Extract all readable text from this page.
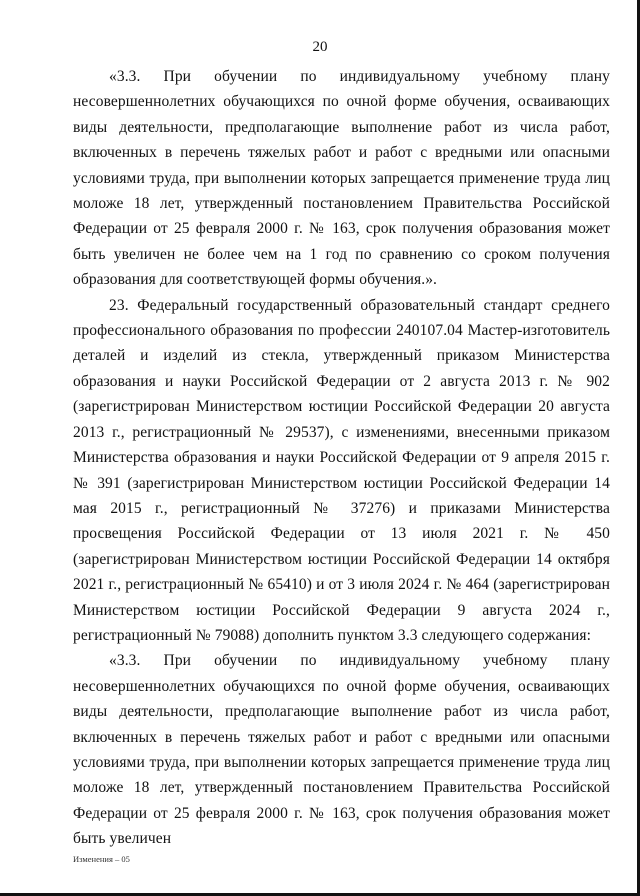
20

«3.3. При обучении по индивидуальному учебному плану несовершеннолетних обучающихся по очной форме обучения, осваивающих виды деятельности, предполагающие выполнение работ из числа работ, включенных в перечень тяжелых работ и работ с вредными или опасными условиями труда, при выполнении которых запрещается применение труда лиц моложе 18 лет, утвержденный постановлением Правительства Российской Федерации от 25 февраля 2000 г. № 163, срок получения образования может быть увеличен не более чем на 1 год по сравнению со сроком получения образования для соответствующей формы обучения.».

23. Федеральный государственный образовательный стандарт среднего профессионального образования по профессии 240107.04 Мастер-изготовитель деталей и изделий из стекла, утвержденный приказом Министерства образования и науки Российской Федерации от 2 августа 2013 г. № 902 (зарегистрирован Министерством юстиции Российской Федерации 20 августа 2013 г., регистрационный № 29537), с изменениями, внесенными приказом Министерства образования и науки Российской Федерации от 9 апреля 2015 г. № 391 (зарегистрирован Министерством юстиции Российской Федерации 14 мая 2015 г., регистрационный № 37276) и приказами Министерства просвещения Российской Федерации от 13 июля 2021 г. № 450 (зарегистрирован Министерством юстиции Российской Федерации 14 октября 2021 г., регистрационный № 65410) и от 3 июля 2024 г. № 464 (зарегистрирован Министерством юстиции Российской Федерации 9 августа 2024 г., регистрационный № 79088) дополнить пунктом 3.3 следующего содержания:

«3.3. При обучении по индивидуальному учебному плану несовершеннолетних обучающихся по очной форме обучения, осваивающих виды деятельности, предполагающие выполнение работ из числа работ, включенных в перечень тяжелых работ и работ с вредными или опасными условиями труда, при выполнении которых запрещается применение труда лиц моложе 18 лет, утвержденный постановлением Правительства Российской Федерации от 25 февраля 2000 г. № 163, срок получения образования может быть увеличен

Изменения – 05
